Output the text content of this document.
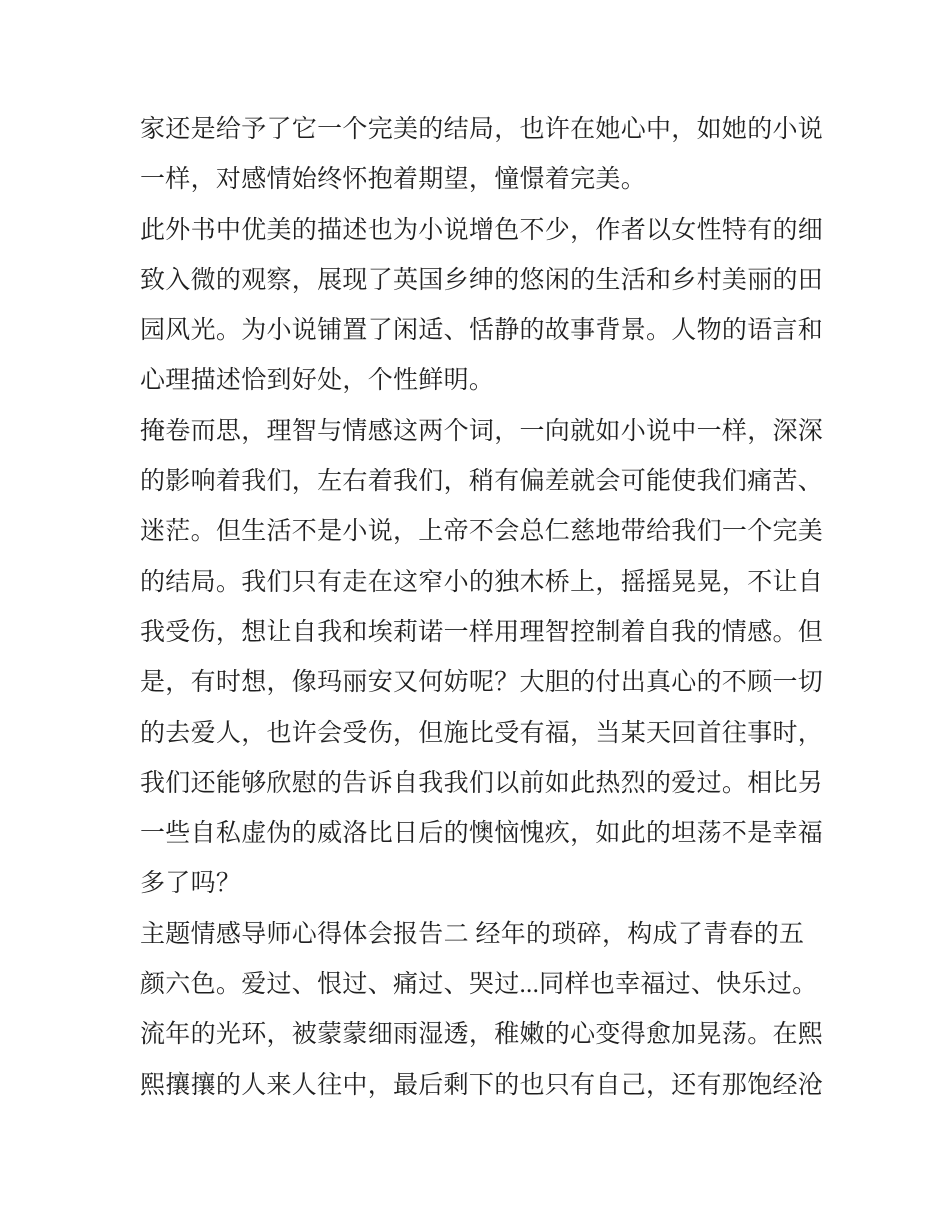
家还是给予了它一个完美的结局，也许在她心中，如她的小说
一样，对感情始终怀抱着期望，憧憬着完美。
此外书中优美的描述也为小说增色不少，作者以女性特有的细
致入微的观察，展现了英国乡绅的悠闲的生活和乡村美丽的田
园风光。为小说铺置了闲适、恬静的故事背景。人物的语言和
心理描述恰到好处，个性鲜明。
掩卷而思，理智与情感这两个词，一向就如小说中一样，深深
的影响着我们，左右着我们，稍有偏差就会可能使我们痛苦、
迷茫。但生活不是小说，上帝不会总仁慈地带给我们一个完美
的结局。我们只有走在这窄小的独木桥上，摇摇晃晃，不让自
我受伤，想让自我和埃莉诺一样用理智控制着自我的情感。但
是，有时想，像玛丽安又何妨呢？大胆的付出真心的不顾一切
的去爱人，也许会受伤，但施比受有福，当某天回首往事时，
我们还能够欣慰的告诉自我我们以前如此热烈的爱过。相比另
一些自私虚伪的威洛比日后的懊恼愧疚，如此的坦荡不是幸福
多了吗？
主题情感导师心得体会报告二 经年的琐碎，构成了青春的五
颜六色。爱过、恨过、痛过、哭过...同样也幸福过、快乐过。
流年的光环，被蒙蒙细雨湿透，稚嫩的心变得愈加晃荡。在熙
熙攘攘的人来人往中，最后剩下的也只有自己，还有那饱经沧
